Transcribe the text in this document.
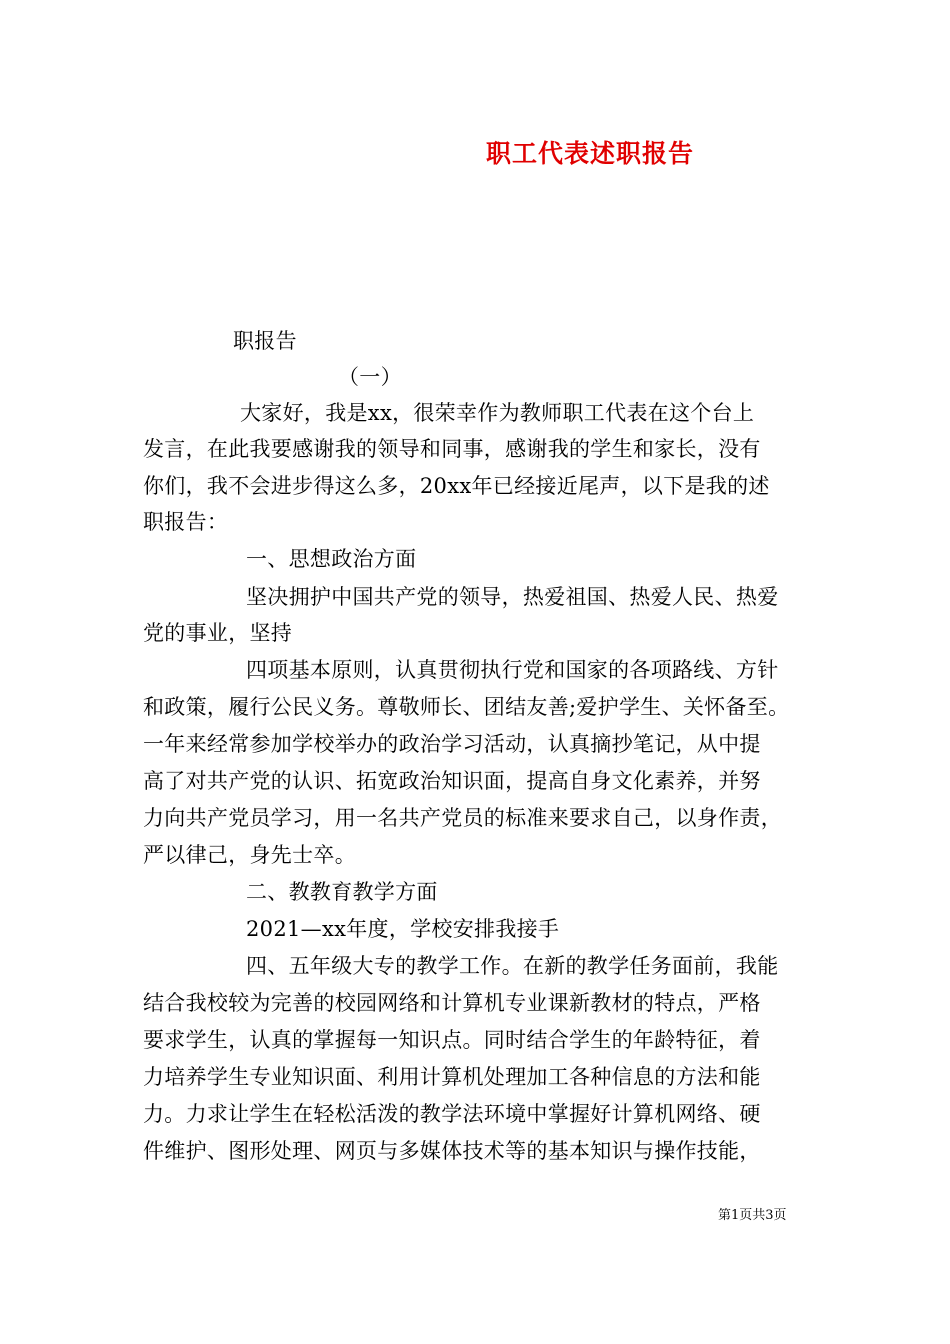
职工代表述职报告
职报告
（一）
大家好，我是xx，很荣幸作为教师职工代表在这个台上
发言，在此我要感谢我的领导和同事，感谢我的学生和家长，没有
你们，我不会进步得这么多，20xx年已经接近尾声，以下是我的述
职报告：
一、思想政治方面
坚决拥护中国共产党的领导，热爱祖国、热爱人民、热爱
党的事业，坚持
四项基本原则，认真贯彻执行党和国家的各项路线、方针
和政策，履行公民义务。尊敬师长、团结友善;爱护学生、关怀备至。
一年来经常参加学校举办的政治学习活动，认真摘抄笔记，从中提
高了对共产党的认识、拓宽政治知识面，提高自身文化素养，并努
力向共产党员学习，用一名共产党员的标准来要求自己，以身作责，
严以律己，身先士卒。
二、教教育教学方面
2021—xx年度，学校安排我接手
四、五年级大专的教学工作。在新的教学任务面前，我能
结合我校较为完善的校园网络和计算机专业课新教材的特点，严格
要求学生，认真的掌握每一知识点。同时结合学生的年龄特征，着
力培养学生专业知识面、利用计算机处理加工各种信息的方法和能
力。力求让学生在轻松活泼的教学法环境中掌握好计算机网络、硬
件维护、图形处理、网页与多媒体技术等的基本知识与操作技能，
第1页共3页
